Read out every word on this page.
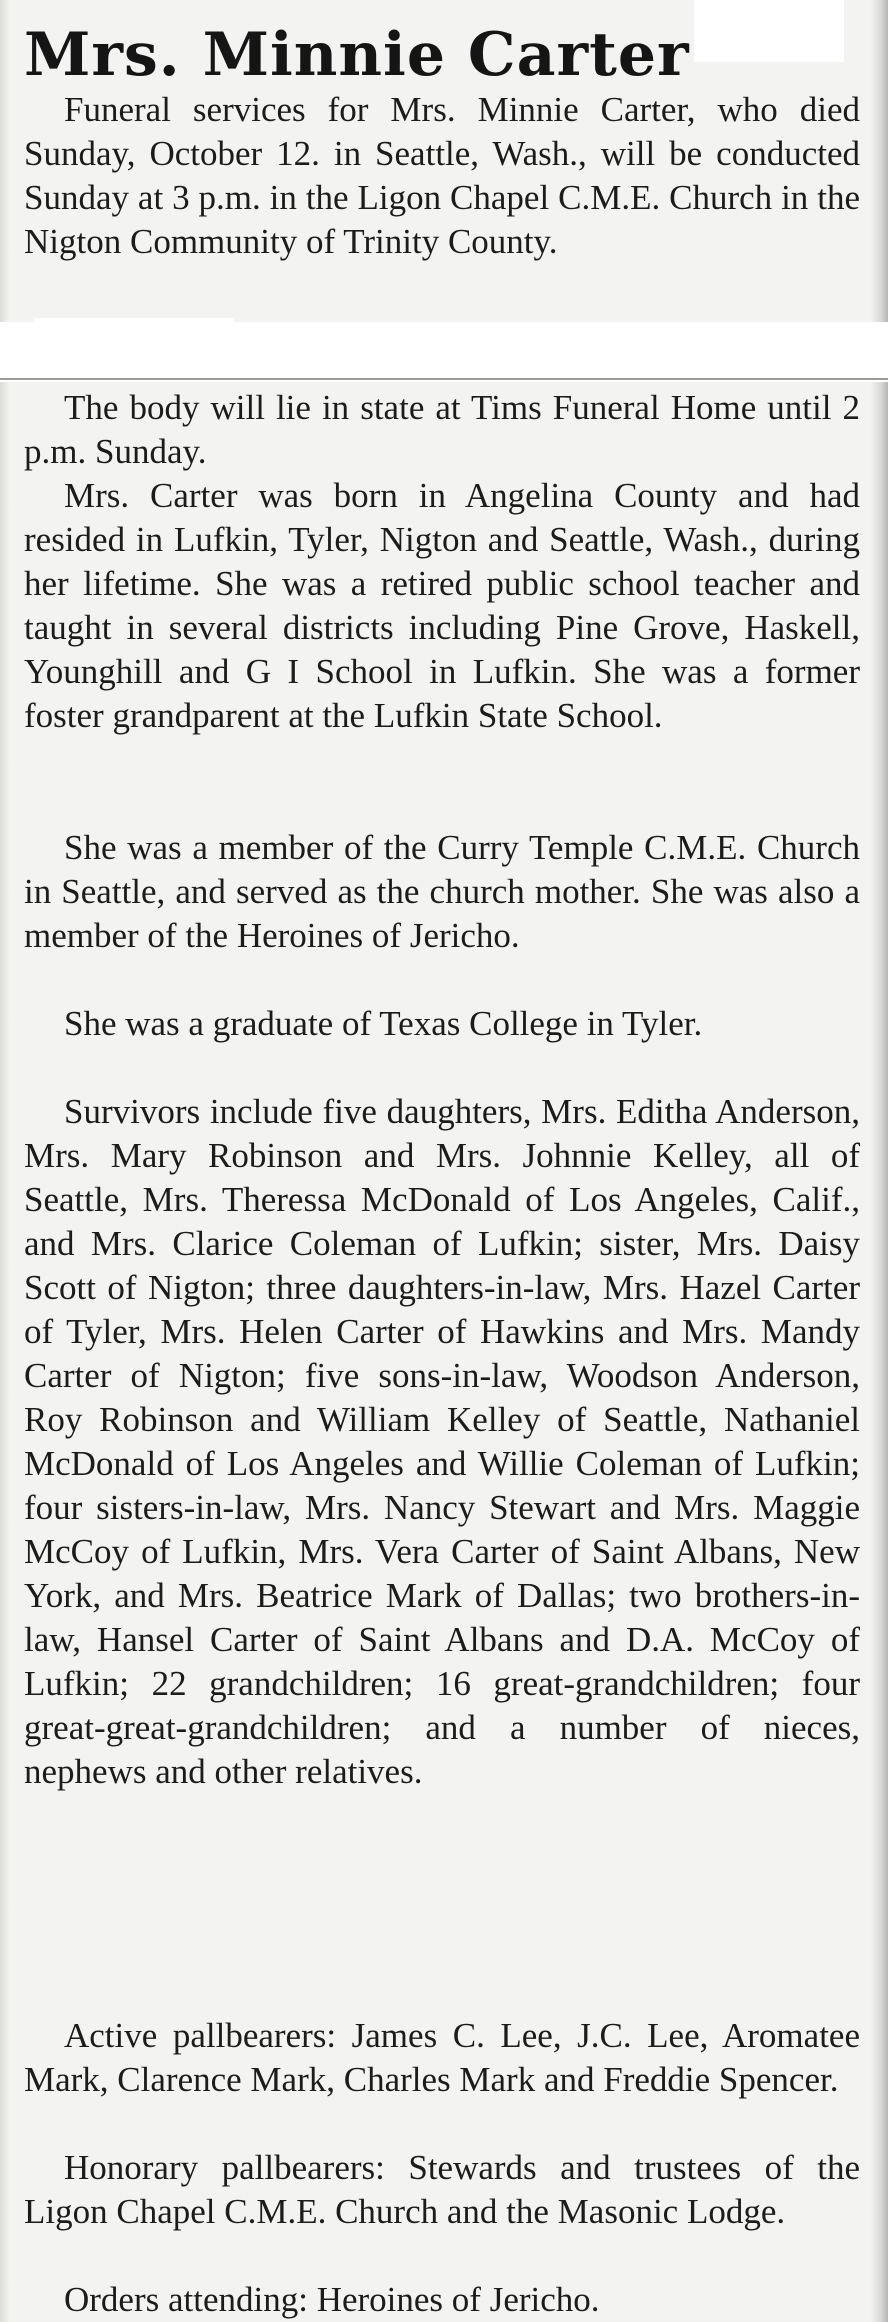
Mrs. Minnie Carter

Funeral services for Mrs. Minnie Carter, who died Sunday, October 12. in Seattle, Wash., will be conducted Sunday at 3 p.m. in the Ligon Chapel C.M.E. Church in the Nigton Community of Trinity County.

The body will lie in state at Tims Funeral Home until 2 p.m. Sunday.

Mrs. Carter was born in Angelina County and had resided in Lufkin, Tyler, Nigton and Seattle, Wash., during her lifetime. She was a retired public school teacher and taught in several districts including Pine Grove, Haskell, Younghill and G I School in Lufkin. She was a former foster grandparent at the Lufkin State School.

She was a member of the Curry Temple C.M.E. Church in Seattle, and served as the church mother. She was also a member of the Heroines of Jericho.

She was a graduate of Texas College in Tyler.

Survivors include five daughters, Mrs. Editha Anderson, Mrs. Mary Robinson and Mrs. Johnnie Kelley, all of Seattle, Mrs. Theressa McDonald of Los Angeles, Calif., and Mrs. Clarice Coleman of Lufkin; sister, Mrs. Daisy Scott of Nigton; three daughters-in-law, Mrs. Hazel Carter of Tyler, Mrs. Helen Carter of Hawkins and Mrs. Mandy Carter of Nigton; five sons-in-law, Woodson Anderson, Roy Robinson and William Kelley of Seattle, Nathaniel McDonald of Los Angeles and Willie Coleman of Lufkin; four sisters-in-law, Mrs. Nancy Stewart and Mrs. Maggie McCoy of Lufkin, Mrs. Vera Carter of Saint Albans, New York, and Mrs. Beatrice Mark of Dallas; two brothers-in-law, Hansel Carter of Saint Albans and D.A. McCoy of Lufkin; 22 grandchildren; 16 great-grandchildren; four great-great-grandchildren; and a number of nieces, nephews and other relatives.

Active pallbearers: James C. Lee, J.C. Lee, Aromatee Mark, Clarence Mark, Charles Mark and Freddie Spencer.

Honorary pallbearers: Stewards and trustees of the Ligon Chapel C.M.E. Church and the Masonic Lodge.

Orders attending: Heroines of Jericho.
